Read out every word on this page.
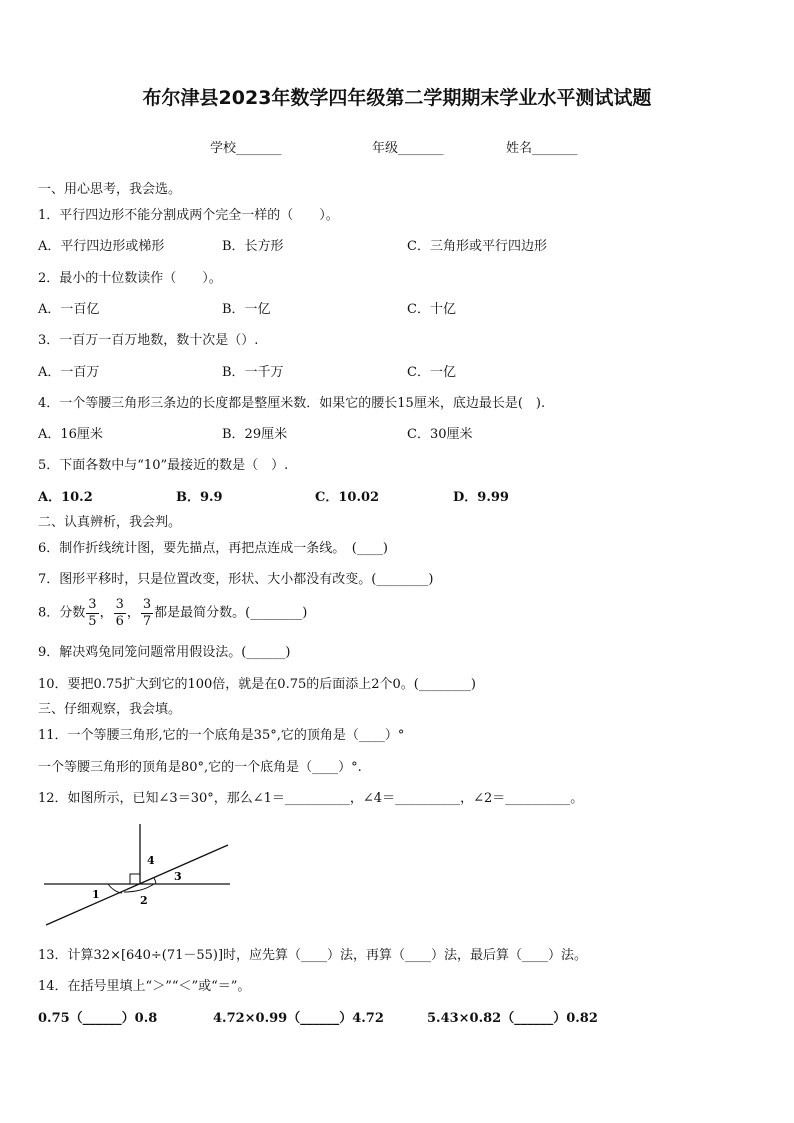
布尔津县2023年数学四年级第二学期期末学业水平测试试题
学校_______	年级_______	姓名_______
一、用心思考，我会选。
1．平行四边形不能分割成两个完全一样的（　　）。
A．平行四边形或梯形	B．长方形	C．三角形或平行四边形
2．最小的十位数读作（　　）。
A．一百亿	B．一亿	C．十亿
3．一百万一百万地数，数十次是（）.
A．一百万	B．一千万	C．一亿
4．一个等腰三角形三条边的长度都是整厘米数．如果它的腰长15厘米，底边最长是(　).
A．16厘米	B．29厘米	C．30厘米
5．下面各数中与“10”最接近的数是（　）.
A．10.2	B．9.9	C．10.02	D．9.99
二、认真辨析，我会判。
6．制作折线统计图，要先描点，再把点连成一条线。　(____)
7．图形平移时，只是位置改变，形状、大小都没有改变。(________)
8．分数 $\frac{3}{5}$ ， $\frac{3}{6}$ ， $\frac{3}{7}$ 都是最简分数。(________)
9．解决鸡兔同笼问题常用假设法。(______)
10．要把0.75扩大到它的100倍，就是在0.75的后面添上2个0。(________)
三、仔细观察，我会填。
11．一个等腰三角形,它的一个底角是35°,它的顶角是（____）°
一个等腰三角形的顶角是80°,它的一个底角是（____）°.
12．如图所示，已知∠3＝30°，那么∠1＝__________，∠4＝__________，∠2＝__________。
4
3
1	2
13．计算32×[640÷(71－55)]时，应先算（____）法，再算（____）法，最后算（____）法。
14．在括号里填上“＞”“＜”或“＝”。
0.75（______）0.8	4.72×0.99（______）4.72	5.43×0.82（______）0.82
